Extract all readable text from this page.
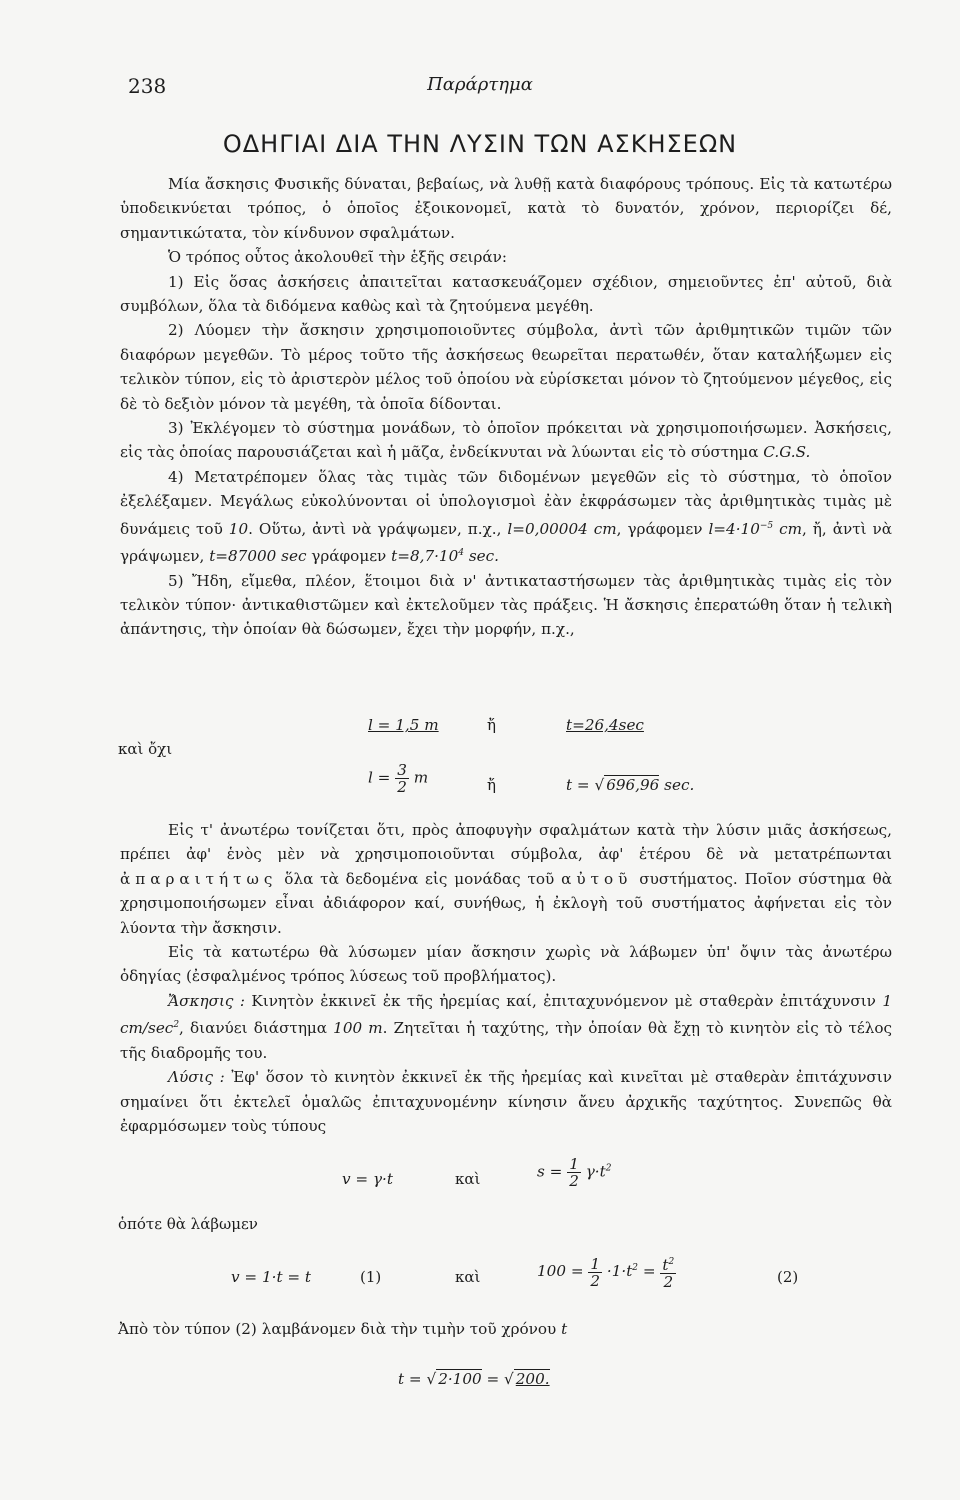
238	Παράρτημα
ΟΔΗΓΙΑΙ ΔΙΑ ΤΗΝ ΛΥΣΙΝ ΤΩΝ ΑΣΚΗΣΕΩΝ

Μία ἄσκησις Φυσικῆς δύναται, βεβαίως, νὰ λυθῇ κατὰ διαφόρους τρόπους. Εἰς τὰ κατωτέρω ὑποδεικνύεται τρόπος, ὁ ὁποῖος ἐξοικονομεῖ, κατὰ τὸ δυνατόν, χρόνον, περιορίζει δέ, σημαντικώτατα, τὸν κίνδυνον σφαλμάτων.

Ὁ τρόπος οὗτος ἀκολουθεῖ τὴν ἑξῆς σειράν:

1) Εἰς ὅσας ἀσκήσεις ἀπαιτεῖται κατασκευάζομεν σχέδιον, σημειοῦντες ἐπ' αὐτοῦ, διὰ συμβόλων, ὅλα τὰ διδόμενα καθὼς καὶ τὰ ζητούμενα μεγέθη.

2) Λύομεν τὴν ἄσκησιν χρησιμοποιοῦντες σύμβολα, ἀντὶ τῶν ἀριθμητικῶν τιμῶν τῶν διαφόρων μεγεθῶν. Τὸ μέρος τοῦτο τῆς ἀσκήσεως θεωρεῖται περατωθέν, ὅταν καταλήξωμεν εἰς τελικὸν τύπον, εἰς τὸ ἀριστερὸν μέλος τοῦ ὁποίου νὰ εὑρίσκεται μόνον τὸ ζητούμενον μέγεθος, εἰς δὲ τὸ δεξιὸν μόνον τὰ μεγέθη, τὰ ὁποῖα δίδονται.

3) Ἐκλέγομεν τὸ σύστημα μονάδων, τὸ ὁποῖον πρόκειται νὰ χρησιμοποιήσωμεν. Ἀσκήσεις, εἰς τὰς ὁποίας παρουσιάζεται καὶ ἡ μᾶζα, ἐνδείκνυται νὰ λύωνται εἰς τὸ σύστημα C.G.S.

4) Μετατρέπομεν ὅλας τὰς τιμὰς τῶν διδομένων μεγεθῶν εἰς τὸ σύστημα, τὸ ὁποῖον ἐξελέξαμεν. Μεγάλως εὐκολύνονται οἱ ὑπολογισμοὶ ἐὰν ἐκφράσωμεν τὰς ἀριθμητικὰς τιμὰς μὲ δυνάμεις τοῦ 10. Οὕτω, ἀντὶ νὰ γράψωμεν, π.χ., l=0,00004 cm, γράφομεν $l=4\cdot 10^{-5}$ cm, ἤ, ἀντὶ νὰ γράψωμεν, t=87000 sec γράφομεν $t=8,7\cdot 10^4$ sec.

5) Ἤδη, εἴμεθα, πλέον, ἕτοιμοι διὰ ν' ἀντικαταστήσωμεν τὰς ἀριθμητικὰς τιμὰς εἰς τὸν τελικὸν τύπον· ἀντικαθιστῶμεν καὶ ἐκτελοῦμεν τὰς πράξεις. Ἡ ἄσκησις ἐπερατώθη ὅταν ἡ τελικὴ ἀπάντησις, τὴν ὁποίαν θὰ δώσωμεν, ἔχει τὴν μορφήν, π.χ.,

l = 1,5 m	ἤ	t=26,4sec
καὶ ὄχι
$l = \frac{3}{2}$ m	ἤ	t = √ 696,96 sec.

Εἰς τ' ἀνωτέρω τονίζεται ὅτι, πρὸς ἀποφυγὴν σφαλμάτων κατὰ τὴν λύσιν μιᾶς ἀσκήσεως, πρέπει ἀφ' ἑνὸς μὲν νὰ χρησιμοποιοῦνται σύμβολα, ἀφ' ἑτέρου δὲ νὰ μετατρέπωνται ἀπαραιτήτως ὅλα τὰ δεδομένα εἰς μονάδας τοῦ αὐτοῦ συστήματος. Ποῖον σύστημα θὰ χρησιμοποιήσωμεν εἶναι ἀδιάφορον καί, συνήθως, ἡ ἐκλογὴ τοῦ συστήματος ἀφήνεται εἰς τὸν λύοντα τὴν ἄσκησιν.

Εἰς τὰ κατωτέρω θὰ λύσωμεν μίαν ἄσκησιν χωρὶς νὰ λάβωμεν ὑπ' ὄψιν τὰς ἀνωτέρω ὁδηγίας (ἐσφαλμένος τρόπος λύσεως τοῦ προβλήματος).

Ἄσκησις : Κινητὸν ἐκκινεῖ ἐκ τῆς ἠρεμίας καί, ἐπιταχυνόμενον μὲ σταθερὰν ἐπιτάχυνσιν 1 $cm/\sec^2$, διανύει διάστημα 100 m. Ζητεῖται ἡ ταχύτης, τὴν ὁποίαν θὰ ἔχῃ τὸ κινητὸν εἰς τὸ τέλος τῆς διαδρομῆς του.

Λύσις : Ἐφ' ὅσον τὸ κινητὸν ἐκκινεῖ ἐκ τῆς ἠρεμίας καὶ κινεῖται μὲ σταθερὰν ἐπιτάχυνσιν σημαίνει ὅτι ἐκτελεῖ ὁμαλῶς ἐπιταχυνομένην κίνησιν ἄνευ ἀρχικῆς ταχύτητος. Συνεπῶς θὰ ἐφαρμόσωμεν τοὺς τύπους

v = γ·t	καὶ	$s = \frac{1}{2} \gamma\cdot t^2$
ὁπότε θὰ λάβωμεν
v = 1·t = t	(1)	καὶ	$100 = \frac{1}{2} \cdot 1\cdot t^2 = \frac{t^2}{2}$	(2)
Ἀπὸ τὸν τύπον (2) λαμβάνομεν διὰ τὴν τιμὴν τοῦ χρόνου t
t = √ 2·100 = √ 200.
